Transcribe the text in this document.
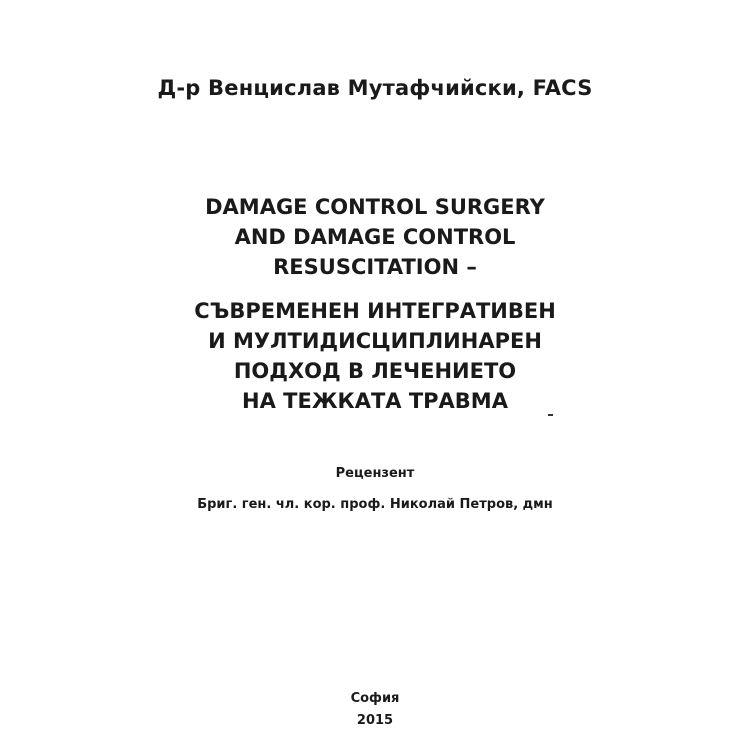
Д-р Венцислав Мутафчийски, FACS
DAMAGE CONTROL SURGERY
AND DAMAGE CONTROL
RESUSCITATION –
СЪВРЕМЕНЕН ИНТЕГРАТИВЕН
И МУЛТИДИСЦИПЛИНАРЕН
ПОДХОД В ЛЕЧЕНИЕТО
НА ТЕЖКАТА ТРАВМА
Рецензент
Бриг. ген. чл. кор. проф. Николай Петров, дмн
София
2015
